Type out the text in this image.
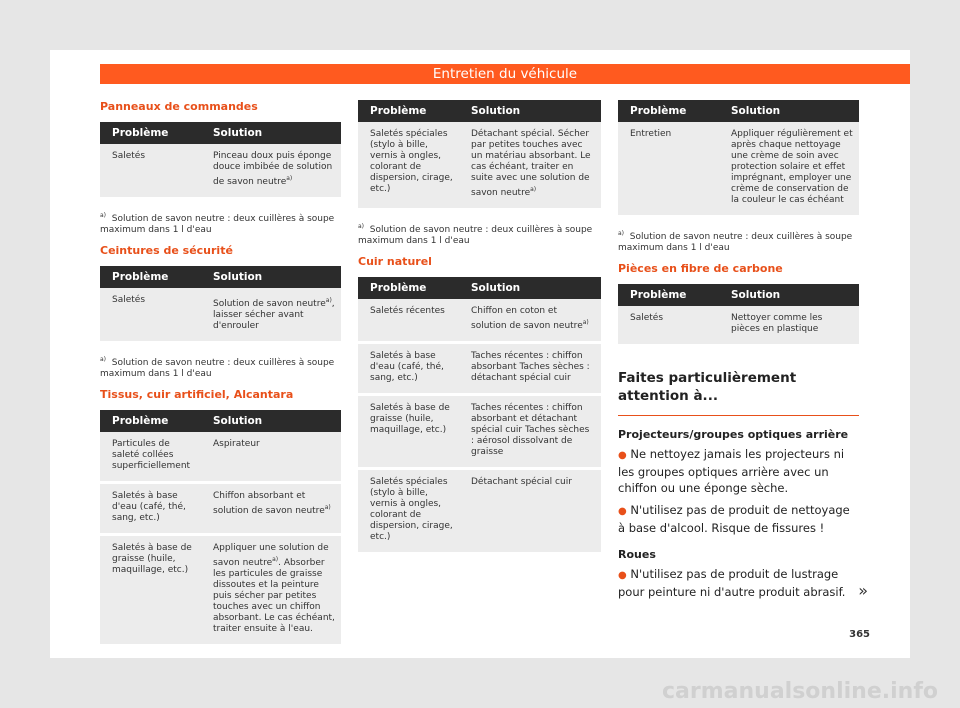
Entretien du véhicule
Panneaux de commandes
Problème	Solution
Saletés	Pinceau doux puis éponge douce imbibée de solution de savon neutre$^{a)}$
$^{a)}$ Solution de savon neutre : deux cuillères à soupe maximum dans 1 l d'eau
Ceintures de sécurité
Problème	Solution
Saletés	Solution de savon neutre$^{a)}$, laisser sécher avant d'enrouler
$^{a)}$ Solution de savon neutre : deux cuillères à soupe maximum dans 1 l d'eau
Tissus, cuir artificiel, Alcantara
Problème	Solution
Particules de saleté collées superficiellement	Aspirateur
Saletés à base d'eau (café, thé, sang, etc.)	Chiffon absorbant et solution de savon neutre$^{a)}$
Saletés à base de graisse (huile, maquillage, etc.)	Appliquer une solution de savon neutre$^{a)}$. Absorber les particules de graisse dissoutes et la peinture puis sécher par petites touches avec un chiffon absorbant. Le cas échéant, traiter ensuite à l'eau.
Problème	Solution
Saletés spéciales (stylo à bille, vernis à ongles, colorant de dispersion, cirage, etc.)	Détachant spécial. Sécher par petites touches avec un matériau absorbant. Le cas échéant, traiter en suite avec une solution de savon neutre$^{a)}$
$^{a)}$ Solution de savon neutre : deux cuillères à soupe maximum dans 1 l d'eau
Cuir naturel
Problème	Solution
Saletés récentes	Chiffon en coton et solution de savon neutre$^{a)}$
Saletés à base d'eau (café, thé, sang, etc.)	Taches récentes : chiffon absorbant Taches sèches : détachant spécial cuir
Saletés à base de graisse (huile, maquillage, etc.)	Taches récentes : chiffon absorbant et détachant spécial cuir Taches sèches : aérosol dissolvant de graisse
Saletés spéciales (stylo à bille, vernis à ongles, colorant de dispersion, cirage, etc.)	Détachant spécial cuir
Problème	Solution
Entretien	Appliquer régulièrement et après chaque nettoyage une crème de soin avec protection solaire et effet imprégnant, employer une crème de conservation de la couleur le cas échéant
$^{a)}$ Solution de savon neutre : deux cuillères à soupe maximum dans 1 l d'eau
Pièces en fibre de carbone
Problème	Solution
Saletés	Nettoyer comme les pièces en plastique
Faites particulièrement attention à...
Projecteurs/groupes optiques arrière

● Ne nettoyez jamais les projecteurs ni les groupes optiques arrière avec un chiffon ou une éponge sèche.

● N'utilisez pas de produit de nettoyage à base d'alcool. Risque de fissures !

Roues

● N'utilisez pas de produit de lustrage pour peinture ni d'autre produit abrasif. »
365
carmanualsonline.info
